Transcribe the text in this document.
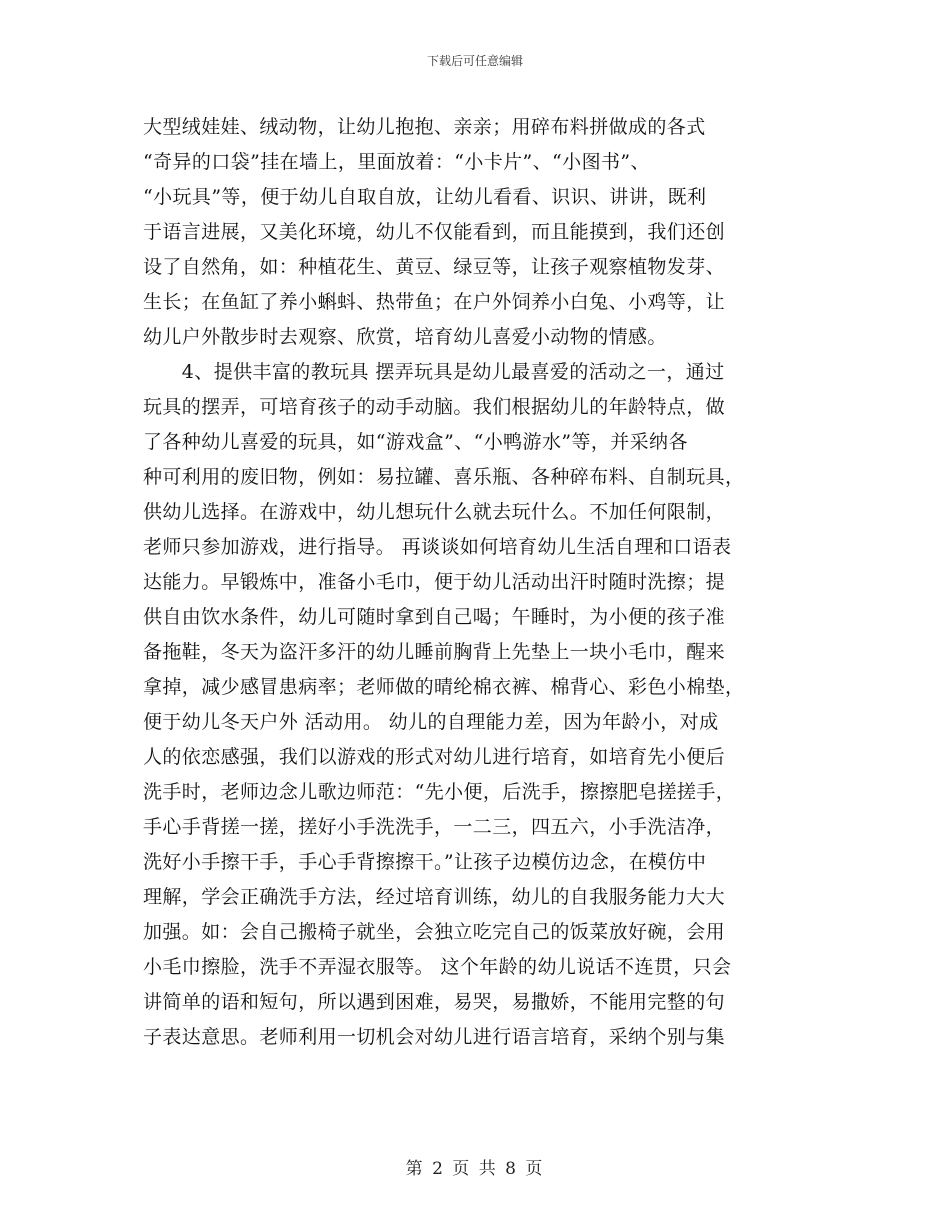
下载后可任意编辑
大型绒娃娃、绒动物，让幼儿抱抱、亲亲；用碎布料拼做成的各式
“奇异的口袋”挂在墙上，里面放着：“小卡片”、“小图书”、
“小玩具”等，便于幼儿自取自放，让幼儿看看、识识、讲讲，既利
于语言进展，又美化环境，幼儿不仅能看到，而且能摸到，我们还创
设了自然角，如：种植花生、黄豆、绿豆等，让孩子观察植物发芽、
生长；在鱼缸了养小蝌蚪、热带鱼；在户外饲养小白兔、小鸡等，让
幼儿户外散步时去观察、欣赏，培育幼儿喜爱小动物的情感。
　　4、提供丰富的教玩具 摆弄玩具是幼儿最喜爱的活动之一，通过
玩具的摆弄，可培育孩子的动手动脑。我们根据幼儿的年龄特点，做
了各种幼儿喜爱的玩具，如“游戏盒”、“小鸭游水”等，并采纳各
种可利用的废旧物，例如：易拉罐、喜乐瓶、各种碎布料、自制玩具，
供幼儿选择。在游戏中，幼儿想玩什么就去玩什么。不加任何限制，
老师只参加游戏，进行指导。 再谈谈如何培育幼儿生活自理和口语表
达能力。早锻炼中，准备小毛巾，便于幼儿活动出汗时随时洗擦；提
供自由饮水条件，幼儿可随时拿到自己喝；午睡时，为小便的孩子准
备拖鞋，冬天为盗汗多汗的幼儿睡前胸背上先垫上一块小毛巾，醒来
拿掉，减少感冒患病率；老师做的晴纶棉衣裤、棉背心、彩色小棉垫，
便于幼儿冬天户外 活动用。 幼儿的自理能力差，因为年龄小，对成
人的依恋感强，我们以游戏的形式对幼儿进行培育，如培育先小便后
洗手时，老师边念儿歌边师范：“先小便，后洗手，擦擦肥皂搓搓手，
手心手背搓一搓，搓好小手洗洗手，一二三，四五六，小手洗洁净，
洗好小手擦干手，手心手背擦擦干。”让孩子边模仿边念，在模仿中
理解，学会正确洗手方法，经过培育训练，幼儿的自我服务能力大大
加强。如：会自己搬椅子就坐，会独立吃完自己的饭菜放好碗，会用
小毛巾擦脸，洗手不弄湿衣服等。 这个年龄的幼儿说话不连贯，只会
讲简单的语和短句，所以遇到困难，易哭，易撒娇，不能用完整的句
子表达意思。老师利用一切机会对幼儿进行语言培育，采纳个别与集
第 2 页 共 8 页
